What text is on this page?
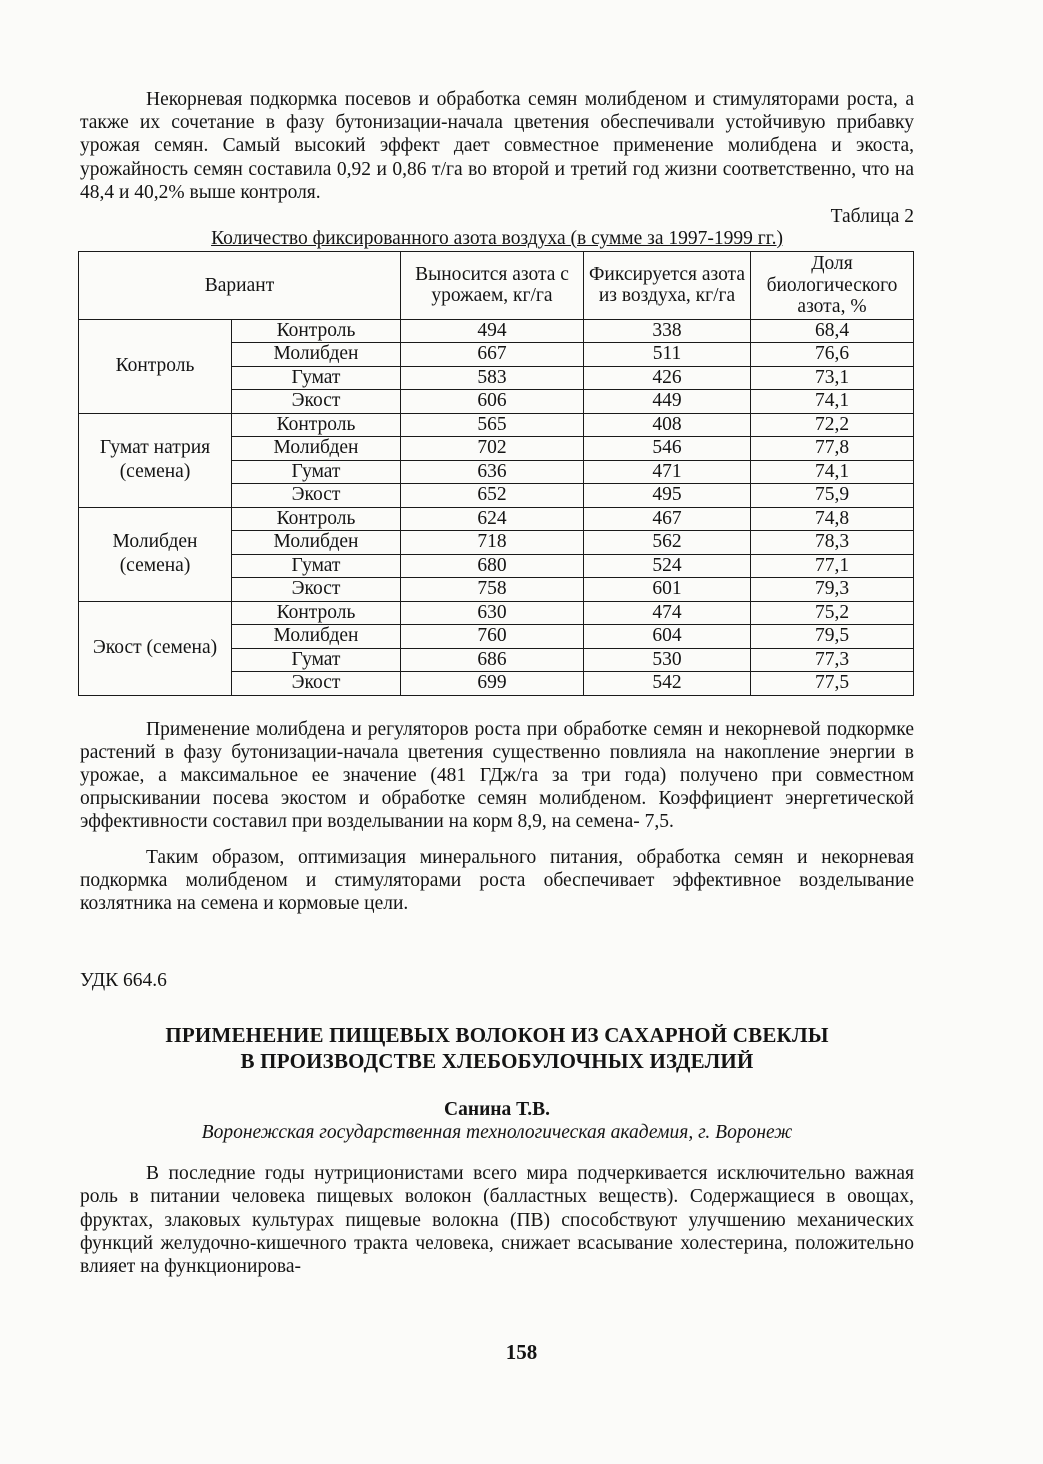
Некорневая подкормка посевов и обработка семян молибденом и стимуляторами роста, а также их сочетание в фазу бутонизации-начала цветения обеспечивали устойчивую прибавку урожая семян. Самый высокий эффект дает совместное применение молибдена и экоста, урожайность семян составила 0,92 и 0,86 т/га во второй и третий год жизни соответственно, что на 48,4 и 40,2% выше контроля.

Таблица 2
Количество фиксированного азота воздуха (в сумме за 1997-1999 гг.)
Вариант		Выносится азота с урожаем, кг/га	Фиксируется азота из воздуха, кг/га	Доля биологического азота, %
Контроль	Контроль	494	338	68,4
	Молибден	667	511	76,6
	Гумат	583	426	73,1
	Экост	606	449	74,1
Гумат натрия (семена)	Контроль	565	408	72,2
	Молибден	702	546	77,8
	Гумат	636	471	74,1
	Экост	652	495	75,9
Молибден (семена)	Контроль	624	467	74,8
	Молибден	718	562	78,3
	Гумат	680	524	77,1
	Экост	758	601	79,3
Экост (семена)	Контроль	630	474	75,2
	Молибден	760	604	79,5
	Гумат	686	530	77,3
	Экост	699	542	77,5

Применение молибдена и регуляторов роста при обработке семян и некорневой подкормке растений в фазу бутонизации-начала цветения существенно повлияла на накопление энергии в урожае, а максимальное ее значение (481 ГДж/га за три года) получено при совместном опрыскивании посева экостом и обработке семян молибденом. Коэффициент энергетической эффективности составил при возделывании на корм 8,9, на семена- 7,5.

Таким образом, оптимизация минерального питания, обработка семян и некорневая подкормка молибденом и стимуляторами роста обеспечивает эффективное возделывание козлятника на семена и кормовые цели.

УДК 664.6
ПРИМЕНЕНИЕ ПИЩЕВЫХ ВОЛОКОН ИЗ САХАРНОЙ СВЕКЛЫ
В ПРОИЗВОДСТВЕ ХЛЕБОБУЛОЧНЫХ ИЗДЕЛИЙ
Санина Т.В.
Воронежская государственная технологическая академия, г. Воронеж

В последние годы нутриционистами всего мира подчеркивается исключительно важная роль в питании человека пищевых волокон (балластных веществ). Содержащиеся в овощах, фруктах, злаковых культурах пищевые волокна (ПВ) способствуют улучшению механических функций желудочно-кишечного тракта человека, снижает всасывание холестерина, положительно влияет на функционирова-

158
